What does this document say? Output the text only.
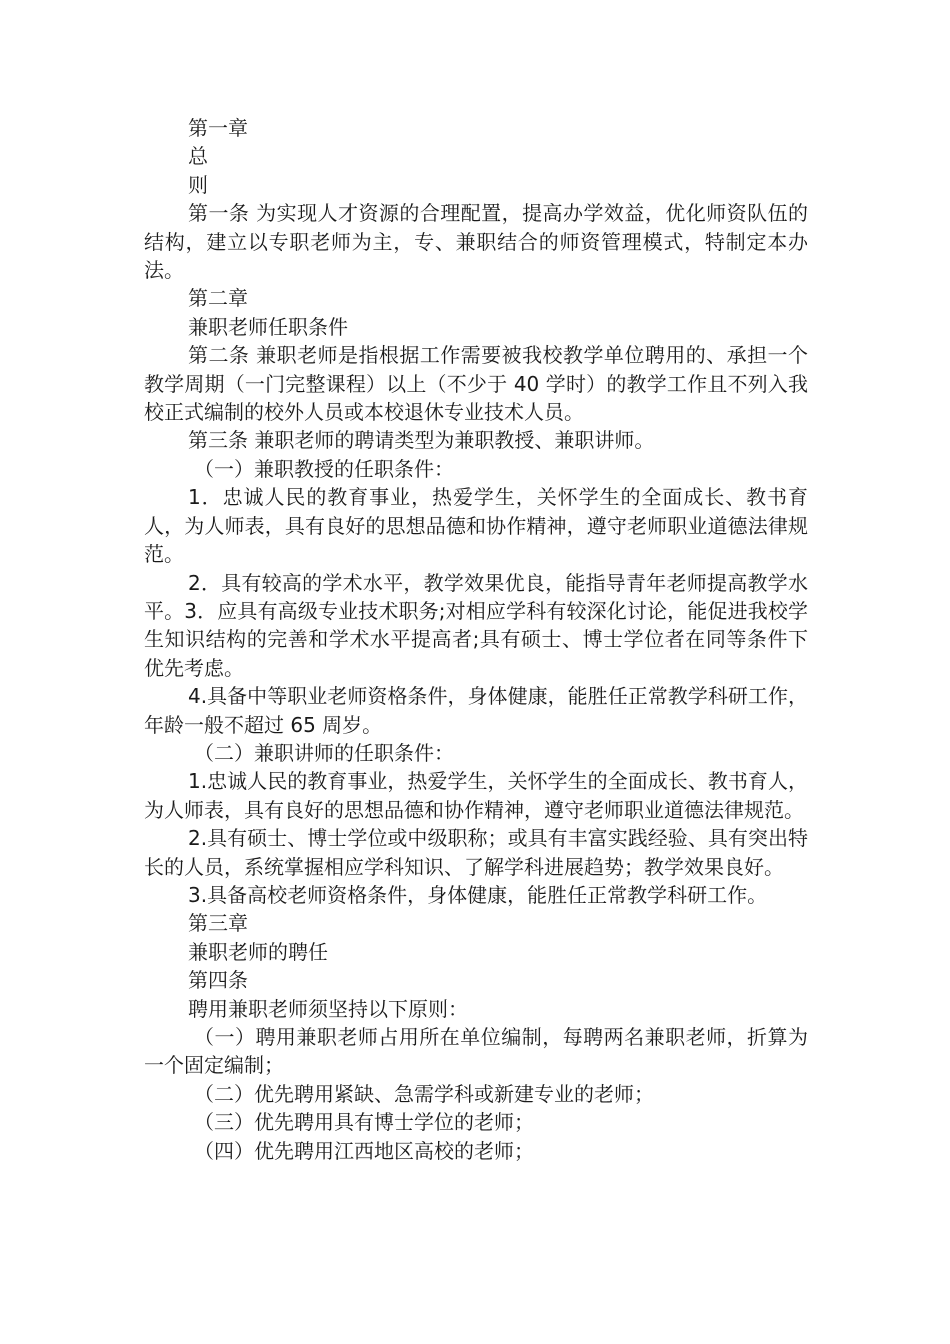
第一章

总

则

第一条 为实现人才资源的合理配置，提高办学效益，优化师资队伍的结构，建立以专职老师为主，专、兼职结合的师资管理模式，特制定本办法。

第二章

兼职老师任职条件

第二条 兼职老师是指根据工作需要被我校教学单位聘用的、承担一个教学周期（一门完整课程）以上（不少于 40 学时）的教学工作且不列入我校正式编制的校外人员或本校退休专业技术人员。

第三条 兼职老师的聘请类型为兼职教授、兼职讲师。

（一）兼职教授的任职条件：

1．忠诚人民的教育事业，热爱学生，关怀学生的全面成长、教书育人，为人师表，具有良好的思想品德和协作精神，遵守老师职业道德法律规范。

2．具有较高的学术水平，教学效果优良，能指导青年老师提高教学水平。3．应具有高级专业技术职务;对相应学科有较深化讨论，能促进我校学生知识结构的完善和学术水平提高者;具有硕士、博士学位者在同等条件下优先考虑。

4.具备中等职业老师资格条件，身体健康，能胜任正常教学科研工作，年龄一般不超过 65 周岁。

（二）兼职讲师的任职条件：

1.忠诚人民的教育事业，热爱学生，关怀学生的全面成长、教书育人，为人师表，具有良好的思想品德和协作精神，遵守老师职业道德法律规范。

2.具有硕士、博士学位或中级职称；或具有丰富实践经验、具有突出特长的人员，系统掌握相应学科知识、了解学科进展趋势；教学效果良好。

3.具备高校老师资格条件，身体健康，能胜任正常教学科研工作。

第三章

兼职老师的聘任

第四条

聘用兼职老师须坚持以下原则：

（一）聘用兼职老师占用所在单位编制，每聘两名兼职老师，折算为一个固定编制；

（二）优先聘用紧缺、急需学科或新建专业的老师；

（三）优先聘用具有博士学位的老师；

（四）优先聘用江西地区高校的老师；
